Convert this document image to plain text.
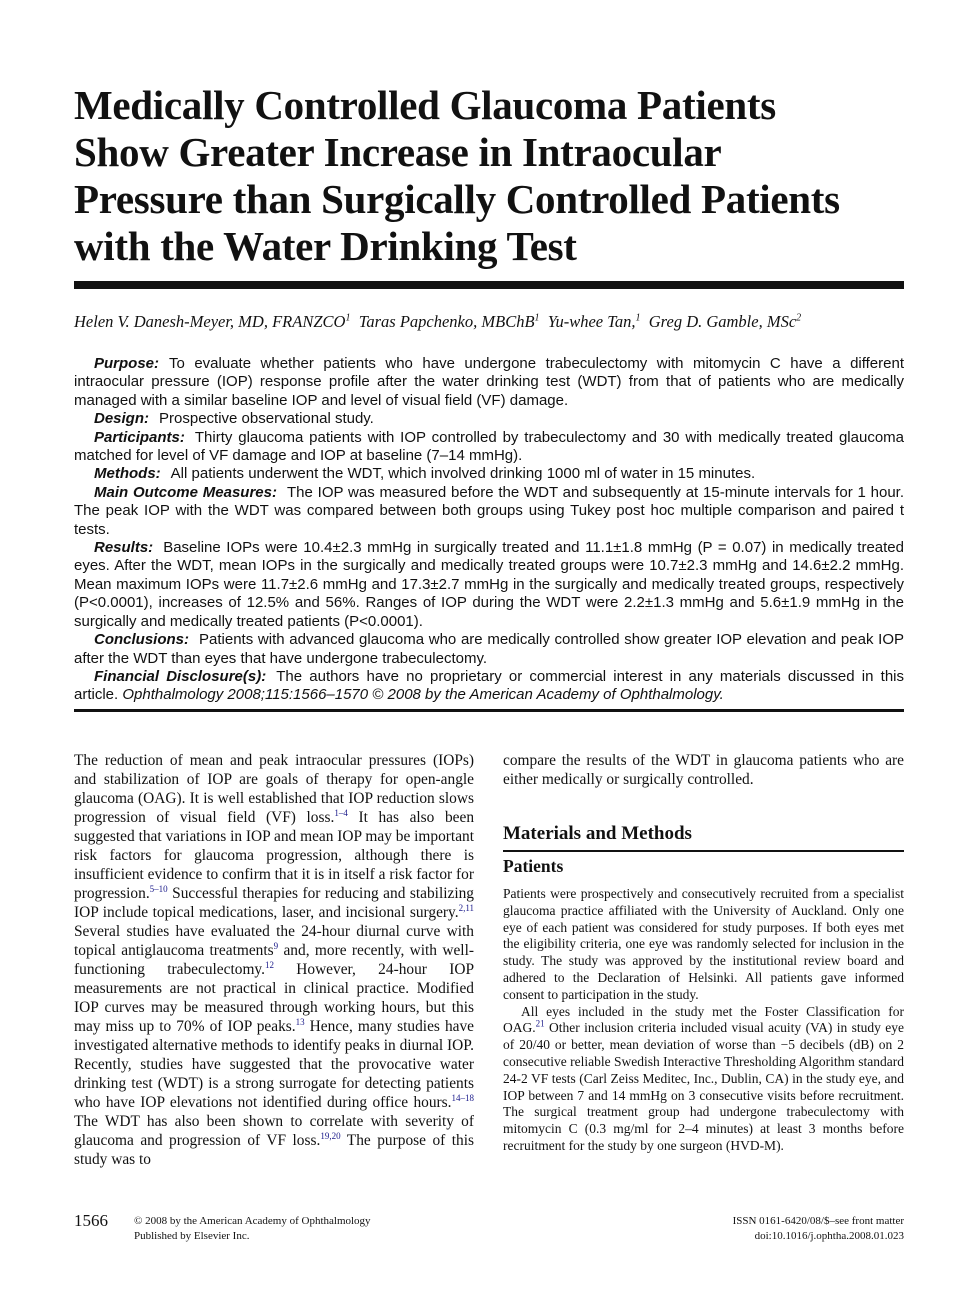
Medically Controlled Glaucoma Patients
Show Greater Increase in Intraocular
Pressure than Surgically Controlled Patients
with the Water Drinking Test

Helen V. Danesh-Meyer, MD, FRANZCO$^1$ Taras Papchenko, MBChB$^1$ Yu-whee Tan,$^1$ Greg D. Gamble, MSc$^2$

Purpose: To evaluate whether patients who have undergone trabeculectomy with mitomycin C have a different intraocular pressure (IOP) response profile after the water drinking test (WDT) from that of patients who are medically managed with a similar baseline IOP and level of visual field (VF) damage.

Design: Prospective observational study.

Participants: Thirty glaucoma patients with IOP controlled by trabeculectomy and 30 with medically treated glaucoma matched for level of VF damage and IOP at baseline (7–14 mmHg).

Methods: All patients underwent the WDT, which involved drinking 1000 ml of water in 15 minutes.

Main Outcome Measures: The IOP was measured before the WDT and subsequently at 15-minute intervals for 1 hour. The peak IOP with the WDT was compared between both groups using Tukey post hoc multiple comparison and paired t tests.

Results: Baseline IOPs were 10.4±2.3 mmHg in surgically treated and 11.1±1.8 mmHg (P = 0.07) in medically treated eyes. After the WDT, mean IOPs in the surgically and medically treated groups were 10.7±2.3 mmHg and 14.6±2.2 mmHg. Mean maximum IOPs were 11.7±2.6 mmHg and 17.3±2.7 mmHg in the surgically and medically treated groups, respectively (P<0.0001), increases of 12.5% and 56%. Ranges of IOP during the WDT were 2.2±1.3 mmHg and 5.6±1.9 mmHg in the surgically and medically treated patients (P<0.0001).

Conclusions: Patients with advanced glaucoma who are medically controlled show greater IOP elevation and peak IOP after the WDT than eyes that have undergone trabeculectomy.

Financial Disclosure(s): The authors have no proprietary or commercial interest in any materials discussed in this article. Ophthalmology 2008;115:1566–1570 © 2008 by the American Academy of Ophthalmology.

The reduction of mean and peak intraocular pressures (IOPs) and stabilization of IOP are goals of therapy for open-angle glaucoma (OAG). It is well established that IOP reduction slows progression of visual field (VF) loss.$^{1-4}$ It has also been suggested that variations in IOP and mean IOP may be important risk factors for glaucoma progression, although there is insufficient evidence to confirm that it is in itself a risk factor for progression.$^{5-10}$ Successful therapies for reducing and stabilizing IOP include topical medications, laser, and incisional surgery.$^{2,11}$ Several studies have evaluated the 24-hour diurnal curve with topical antiglaucoma treatments$^9$ and, more recently, with well-functioning trabeculectomy.$^{12}$ However, 24-hour IOP measurements are not practical in clinical practice. Modified IOP curves may be measured through working hours, but this may miss up to 70% of IOP peaks.$^{13}$ Hence, many studies have investigated alternative methods to identify peaks in diurnal IOP. Recently, studies have suggested that the provocative water drinking test (WDT) is a strong surrogate for detecting patients who have IOP elevations not identified during office hours.$^{14-18}$ The WDT has also been shown to correlate with severity of glaucoma and progression of VF loss.$^{19,20}$ The purpose of this study was to

compare the results of the WDT in glaucoma patients who are either medically or surgically controlled.

Materials and Methods
Patients

Patients were prospectively and consecutively recruited from a specialist glaucoma practice affiliated with the University of Auckland. Only one eye of each patient was considered for study purposes. If both eyes met the eligibility criteria, one eye was randomly selected for inclusion in the study. The study was approved by the institutional review board and adhered to the Declaration of Helsinki. All patients gave informed consent to participation in the study.

All eyes included in the study met the Foster Classification for OAG.$^{21}$ Other inclusion criteria included visual acuity (VA) in study eye of 20/40 or better, mean deviation of worse than −5 decibels (dB) on 2 consecutive reliable Swedish Interactive Thresholding Algorithm standard 24-2 VF tests (Carl Zeiss Meditec, Inc., Dublin, CA) in the study eye, and IOP between 7 and 14 mmHg on 3 consecutive visits before recruitment. The surgical treatment group had undergone trabeculectomy with mitomycin C (0.3 mg/ml for 2–4 minutes) at least 3 months before recruitment for the study by one surgeon (HVD-M).

1566 © 2008 by the American Academy of Ophthalmology
Published by Elsevier Inc.
ISSN 0161-6420/08/$–see front matter
doi:10.1016/j.ophtha.2008.01.023
